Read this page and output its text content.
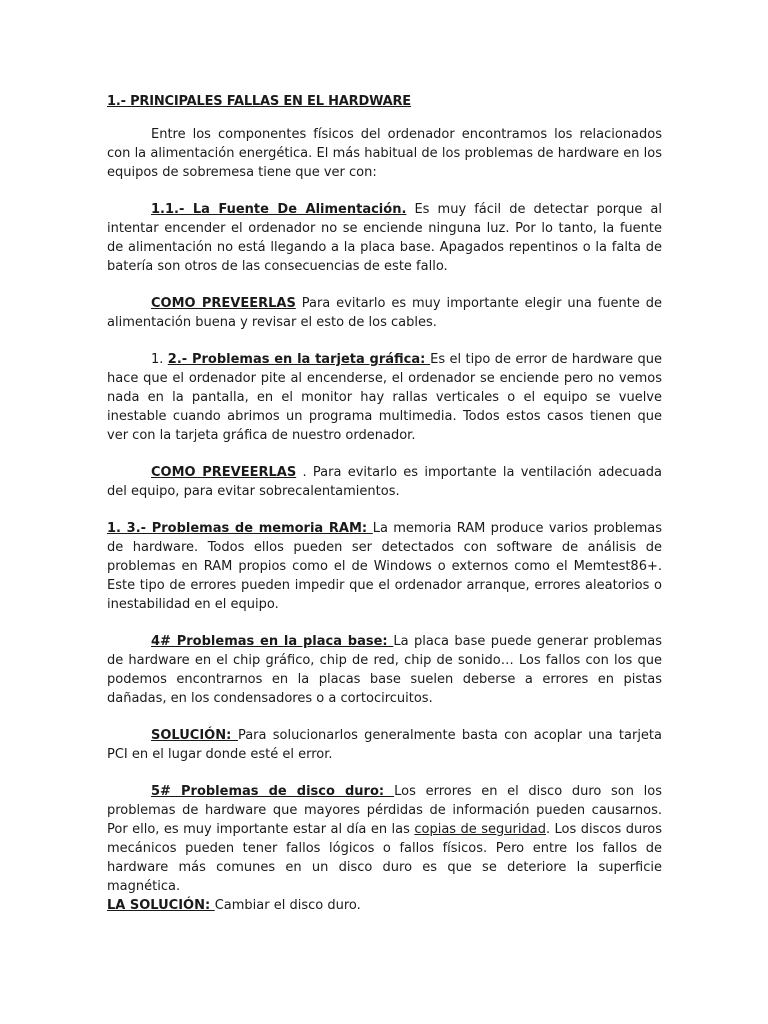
1.- PRINCIPALES FALLAS EN EL HARDWARE

Entre los componentes físicos del ordenador encontramos los relacionados con la alimentación energética. El más habitual de los problemas de hardware en los equipos de sobremesa tiene que ver con:

1.1.- La Fuente De Alimentación. Es muy fácil de detectar porque al intentar encender el ordenador no se enciende ninguna luz. Por lo tanto, la fuente de alimentación no está llegando a la placa base. Apagados repentinos o la falta de batería son otros de las consecuencias de este fallo.

COMO PREVEERLAS Para evitarlo es muy importante elegir una fuente de alimentación buena y revisar el esto de los cables.

1. 2.- Problemas en la tarjeta gráfica: Es el tipo de error de hardware que hace que el ordenador pite al encenderse, el ordenador se enciende pero no vemos nada en la pantalla, en el monitor hay rallas verticales o el equipo se vuelve inestable cuando abrimos un programa multimedia. Todos estos casos tienen que ver con la tarjeta gráfica de nuestro ordenador.

COMO PREVEERLAS . Para evitarlo es importante la ventilación adecuada del equipo, para evitar sobrecalentamientos.

1. 3.- Problemas de memoria RAM: La memoria RAM produce varios problemas de hardware. Todos ellos pueden ser detectados con software de análisis de problemas en RAM propios como el de Windows o externos como el Memtest86+. Este tipo de errores pueden impedir que el ordenador arranque, errores aleatorios o inestabilidad en el equipo.

4# Problemas en la placa base: La placa base puede generar problemas de hardware en el chip gráfico, chip de red, chip de sonido… Los fallos con los que podemos encontrarnos en la placas base suelen deberse a errores en pistas dañadas, en los condensadores o a cortocircuitos.

SOLUCIÓN: Para solucionarlos generalmente basta con acoplar una tarjeta PCI en el lugar donde esté el error.

5# Problemas de disco duro: Los errores en el disco duro son los problemas de hardware que mayores pérdidas de información pueden causarnos. Por ello, es muy importante estar al día en las copias de seguridad. Los discos duros mecánicos pueden tener fallos lógicos o fallos físicos. Pero entre los fallos de hardware más comunes en un disco duro es que se deteriore la superficie magnética.

LA SOLUCIÓN: Cambiar el disco duro.
